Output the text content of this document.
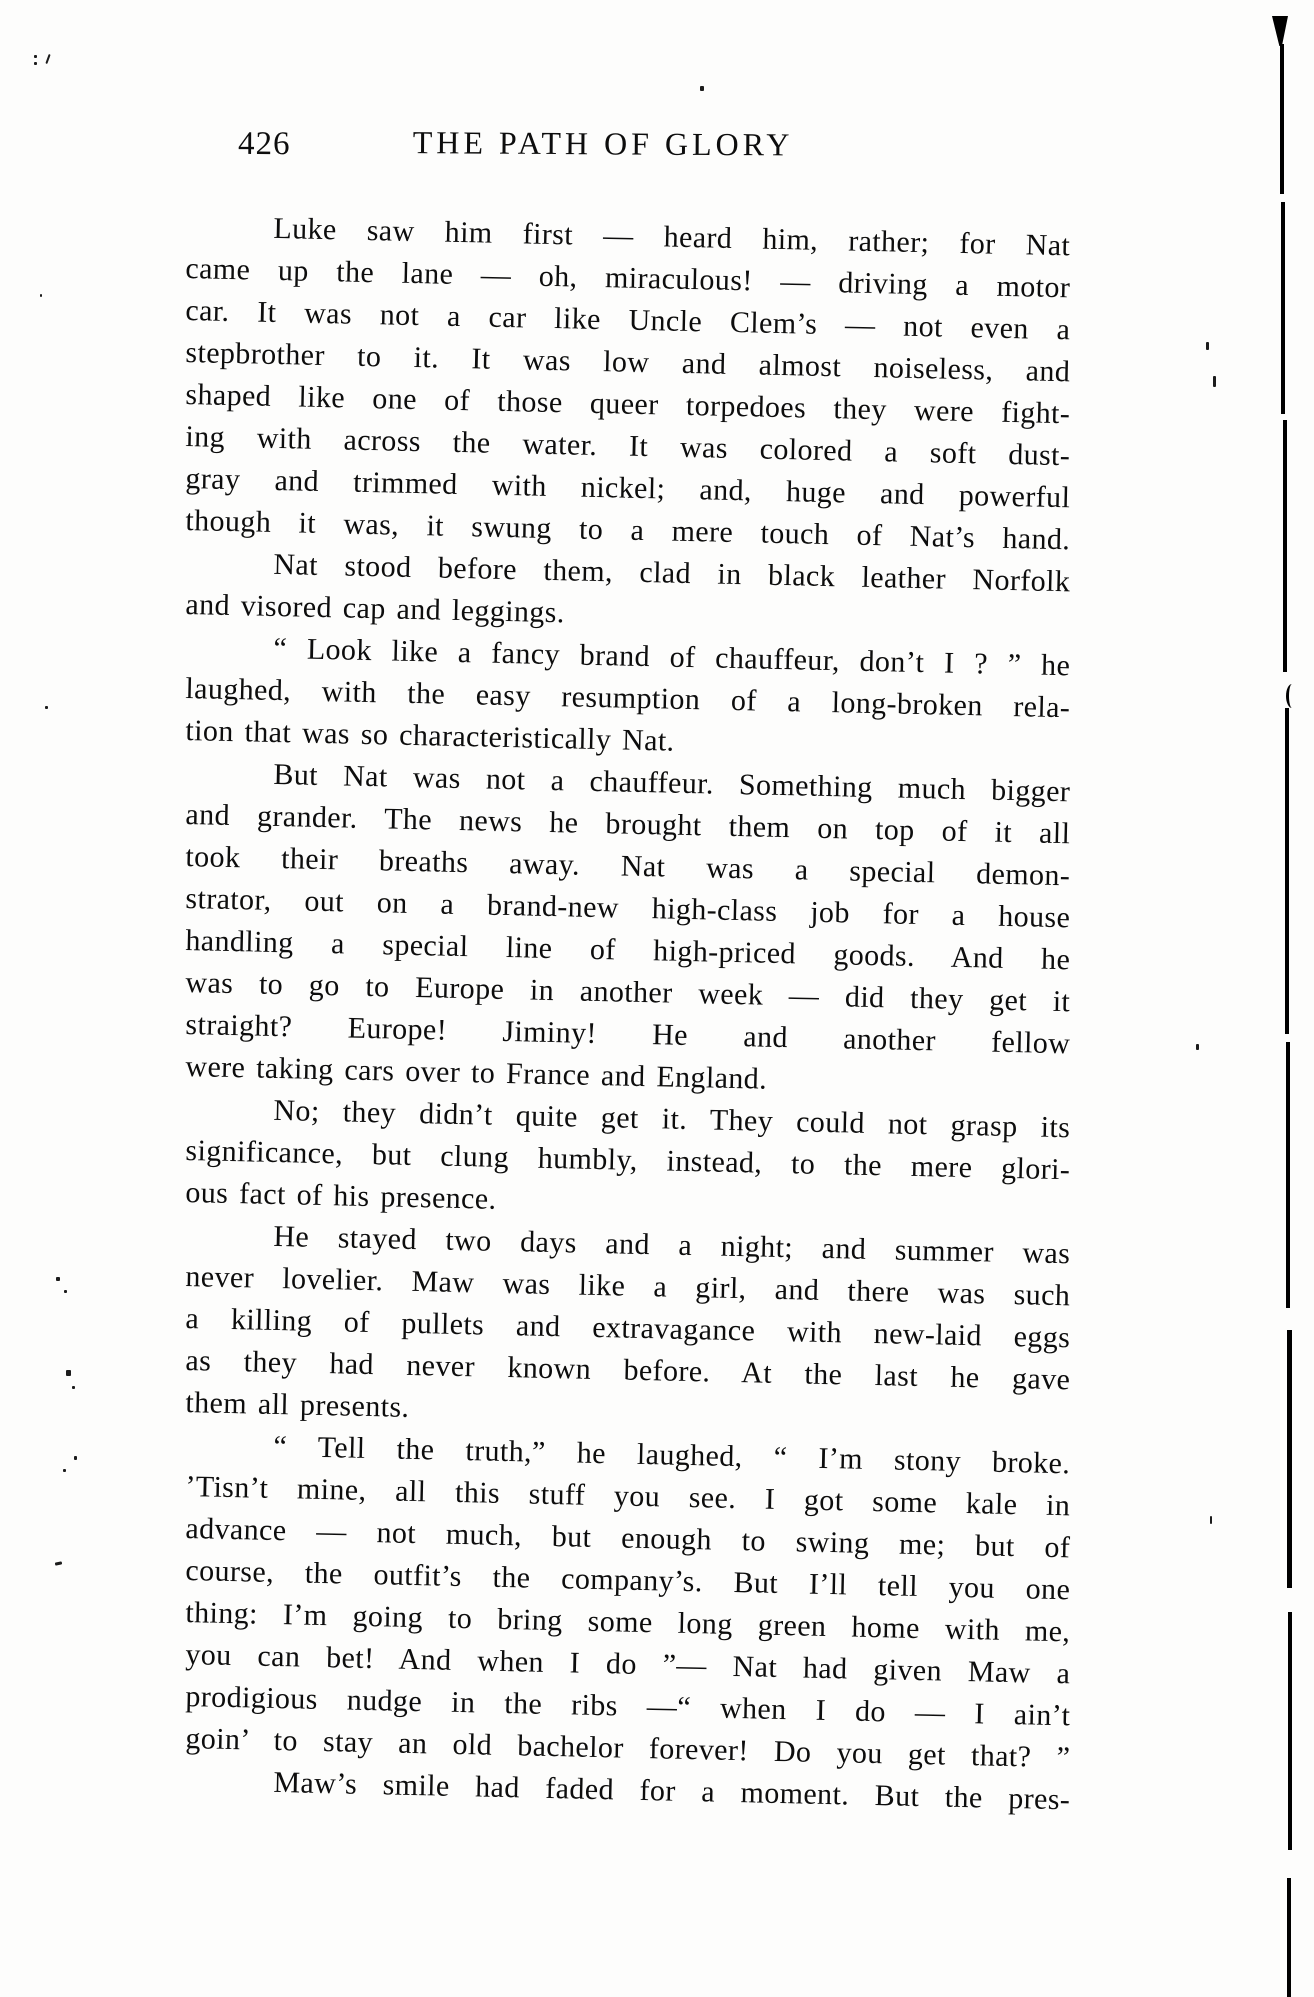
426	THE PATH OF GLORY
Luke saw him first — heard him, rather; for Nat
came up the lane — oh, miraculous! — driving a motor
car. It was not a car like Uncle Clem’s — not even a
stepbrother to it. It was low and almost noiseless, and
shaped like one of those queer torpedoes they were fight-
ing with across the water. It was colored a soft dust-
gray and trimmed with nickel; and, huge and powerful
though it was, it swung to a mere touch of Nat’s hand.
Nat stood before them, clad in black leather Norfolk
and visored cap and leggings.
“ Look like a fancy brand of chauffeur, don’t I ? ” he
laughed, with the easy resumption of a long-broken rela-
tion that was so characteristically Nat.
But Nat was not a chauffeur. Something much bigger
and grander. The news he brought them on top of it all
took their breaths away. Nat was a special demon-
strator, out on a brand-new high-class job for a house
handling a special line of high-priced goods. And he
was to go to Europe in another week — did they get it
straight? Europe! Jiminy! He and another fellow
were taking cars over to France and England.
No; they didn’t quite get it. They could not grasp its
significance, but clung humbly, instead, to the mere glori-
ous fact of his presence.
He stayed two days and a night; and summer was
never lovelier. Maw was like a girl, and there was such
a killing of pullets and extravagance with new-laid eggs
as they had never known before. At the last he gave
them all presents.
“ Tell the truth,” he laughed, “ I’m stony broke.
’Tisn’t mine, all this stuff you see. I got some kale in
advance — not much, but enough to swing me; but of
course, the outfit’s the company’s. But I’ll tell you one
thing: I’m going to bring some long green home with me,
you can bet! And when I do ”— Nat had given Maw a
prodigious nudge in the ribs —“ when I do — I ain’t
goin’ to stay an old bachelor forever! Do you get that? ”
Maw’s smile had faded for a moment. But the pres-
